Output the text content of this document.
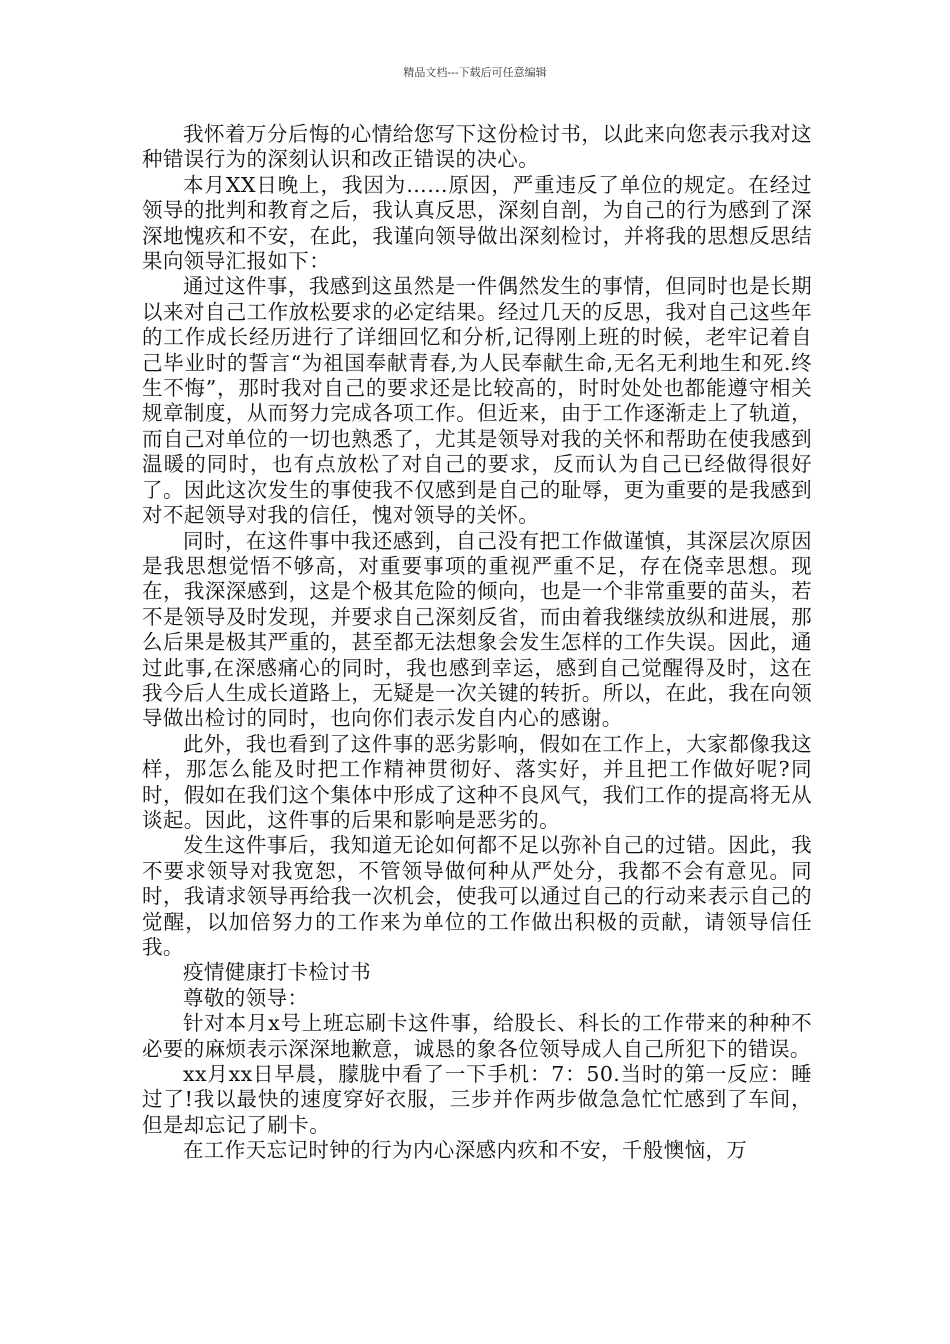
精品文档---下载后可任意编辑

我怀着万分后悔的心情给您写下这份检讨书，以此来向您表示我对这种错误行为的深刻认识和改正错误的决心。

本月XX日晚上，我因为……原因，严重违反了单位的规定。在经过领导的批判和教育之后，我认真反思，深刻自剖，为自己的行为感到了深深地愧疚和不安，在此，我谨向领导做出深刻检讨，并将我的思想反思结果向领导汇报如下：

通过这件事，我感到这虽然是一件偶然发生的事情，但同时也是长期以来对自己工作放松要求的必定结果。经过几天的反思，我对自己这些年的工作成长经历进行了详细回忆和分析,记得刚上班的时候，老牢记着自己毕业时的誓言“为祖国奉献青春,为人民奉献生命,无名无利地生和死.终生不悔”，那时我对自己的要求还是比较高的，时时处处也都能遵守相关规章制度，从而努力完成各项工作。但近来，由于工作逐渐走上了轨道，而自己对单位的一切也熟悉了，尤其是领导对我的关怀和帮助在使我感到温暖的同时，也有点放松了对自己的要求，反而认为自己已经做得很好了。因此这次发生的事使我不仅感到是自己的耻辱，更为重要的是我感到对不起领导对我的信任，愧对领导的关怀。

同时，在这件事中我还感到，自己没有把工作做谨慎，其深层次原因是我思想觉悟不够高，对重要事项的重视严重不足，存在侥幸思想。现在，我深深感到，这是个极其危险的倾向，也是一个非常重要的苗头，若不是领导及时发现，并要求自己深刻反省，而由着我继续放纵和进展，那么后果是极其严重的，甚至都无法想象会发生怎样的工作失误。因此，通过此事,在深感痛心的同时，我也感到幸运，感到自己觉醒得及时，这在我今后人生成长道路上，无疑是一次关键的转折。所以，在此，我在向领导做出检讨的同时，也向你们表示发自内心的感谢。

此外，我也看到了这件事的恶劣影响，假如在工作上，大家都像我这样，那怎么能及时把工作精神贯彻好、落实好，并且把工作做好呢?同时，假如在我们这个集体中形成了这种不良风气，我们工作的提高将无从谈起。因此，这件事的后果和影响是恶劣的。

发生这件事后，我知道无论如何都不足以弥补自己的过错。因此，我不要求领导对我宽恕，不管领导做何种从严处分，我都不会有意见。同时，我请求领导再给我一次机会，使我可以通过自己的行动来表示自己的觉醒，以加倍努力的工作来为单位的工作做出积极的贡献，请领导信任我。

疫情健康打卡检讨书

尊敬的领导：

针对本月x号上班忘刷卡这件事，给股长、科长的工作带来的种种不必要的麻烦表示深深地歉意，诚恳的象各位领导成人自己所犯下的错误。

xx月xx日早晨，朦胧中看了一下手机：7：50.当时的第一反应：睡过了!我以最快的速度穿好衣服，三步并作两步做急急忙忙感到了车间，但是却忘记了刷卡。

在工作天忘记时钟的行为内心深感内疚和不安，千般懊恼，万
